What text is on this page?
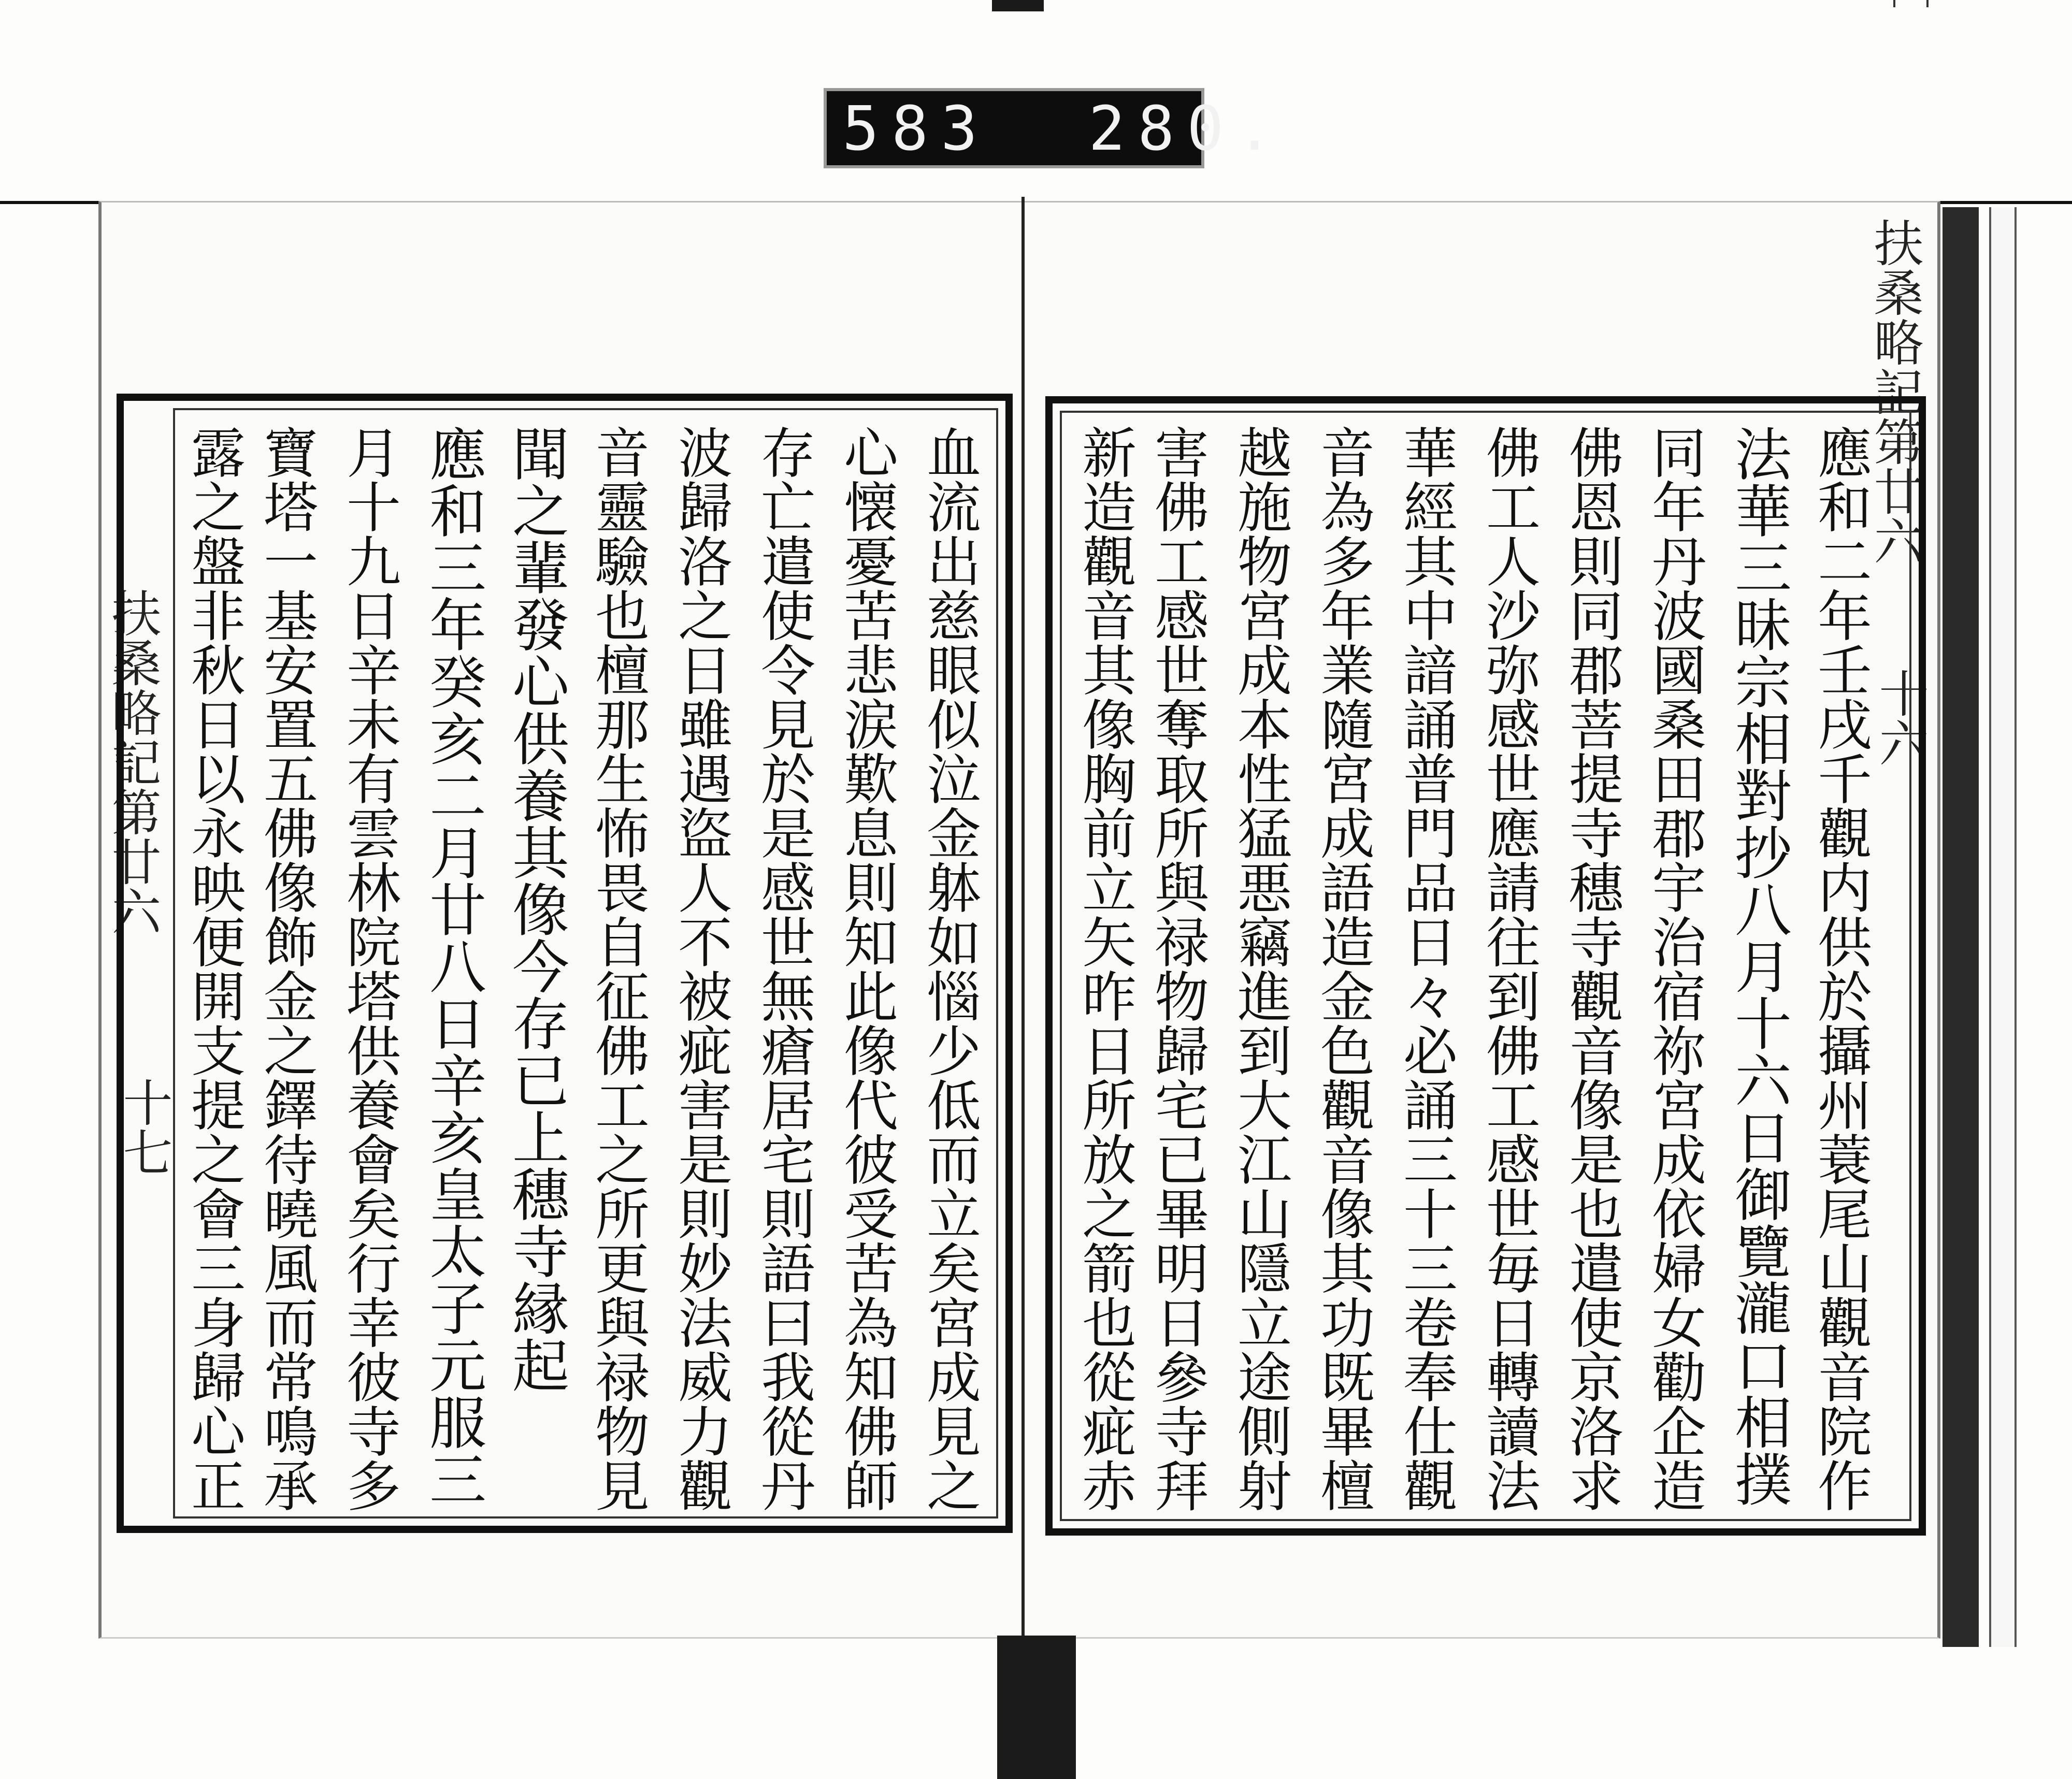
583  280.
扶桑略記第廿六
十七
扶桑略記第廿六
十六
血流出慈眼似泣金躰如惱少低而立矣宮成見之
心懐憂苦悲涙歎息則知此像代彼受苦為知佛師
存亡遣使令見於是感世無瘡居宅則語曰我從丹
波歸洛之日雖遇盜人不被疵害是則妙法威力觀
音靈驗也檀那生怖畏自征佛工之所更與禄物見
聞之輩發心供養其像今存已上穗寺縁起
應和三年癸亥二月廿八日辛亥皇太子元服三
月十九日辛未有雲林院塔供養會矣行幸彼寺多
寶塔一基安置五佛像飾金之鐸待曉風而常鳴承
露之盤非秋日以永映便開支提之會三身歸心正	應和二年壬戌千觀内供於攝州蓑尾山觀音院作
法華三昧宗相對抄八月十六日御覽瀧口相撲
同年丹波國桑田郡宇治宿祢宮成依婦女勸企造
佛恩則同郡菩提寺穗寺觀音像是也遣使京洛求
佛工人沙弥感世應請往到佛工感世毎日轉讀法
華經其中諳誦普門品日々必誦三十三卷奉仕觀
音為多年業隨宮成語造金色觀音像其功既畢檀
越施物宮成本性猛悪竊進到大江山隱立途側射
害佛工感世奪取所與禄物歸宅已畢明日參寺拜
新造觀音其像胸前立矢昨日所放之箭也從疵赤
